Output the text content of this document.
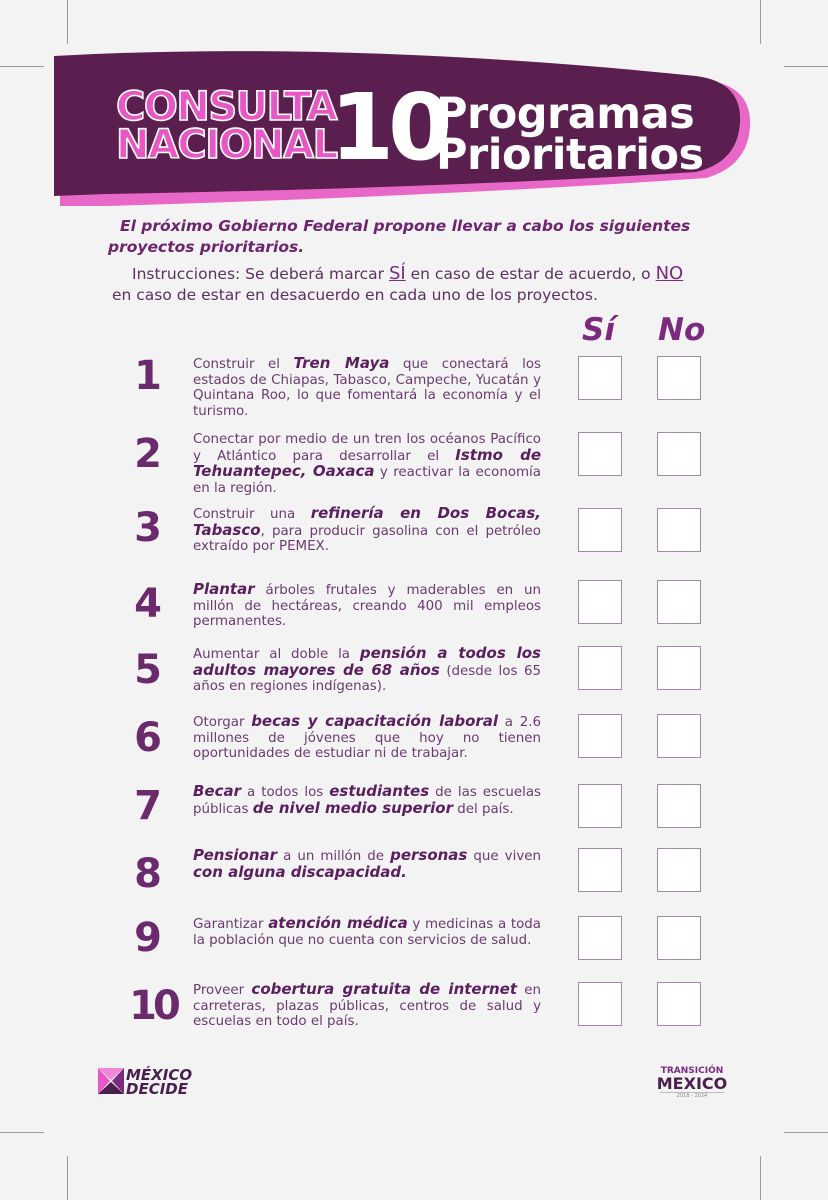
CONSULTA
NACIONAL
10
Programas
Prioritarios
El próximo Gobierno Federal propone llevar a cabo los siguientes
proyectos prioritarios.
Instrucciones: Se deberá marcar SÍ en caso de estar de acuerdo, o NO
en caso de estar en desacuerdo en cada uno de los proyectos.
Sí No
1	Construir el Tren Maya que conectará los estados de Chiapas, Tabasco, Campeche, Yucatán y Quintana Roo, lo que fomentará la economía y el turismo.
2	Conectar por medio de un tren los océanos Pacífico y Atlántico para desarrollar el Istmo de Tehuantepec, Oaxaca y reactivar la economía en la región.
3	Construir una refinería en Dos Bocas, Tabasco, para producir gasolina con el petróleo extraído por PEMEX.
4	Plantar árboles frutales y maderables en un millón de hectáreas, creando 400 mil empleos permanentes.
5	Aumentar al doble la pensión a todos los adultos mayores de 68 años (desde los 65 años en regiones indígenas).
6	Otorgar becas y capacitación laboral a 2.6 millones de jóvenes que hoy no tienen oportunidades de estudiar ni de trabajar.
7	Becar a todos los estudiantes de las escuelas públicas de nivel medio superior del país.
8	Pensionar a un millón de personas que viven con alguna discapacidad.
9	Garantizar atención médica y medicinas a toda la población que no cuenta con servicios de salud.
10	Proveer cobertura gratuita de internet en carreteras, plazas públicas, centros de salud y escuelas en todo el país.
MÉXICO
DECIDE
TRANSICIÓN
MEXICO
2018 - 2024
